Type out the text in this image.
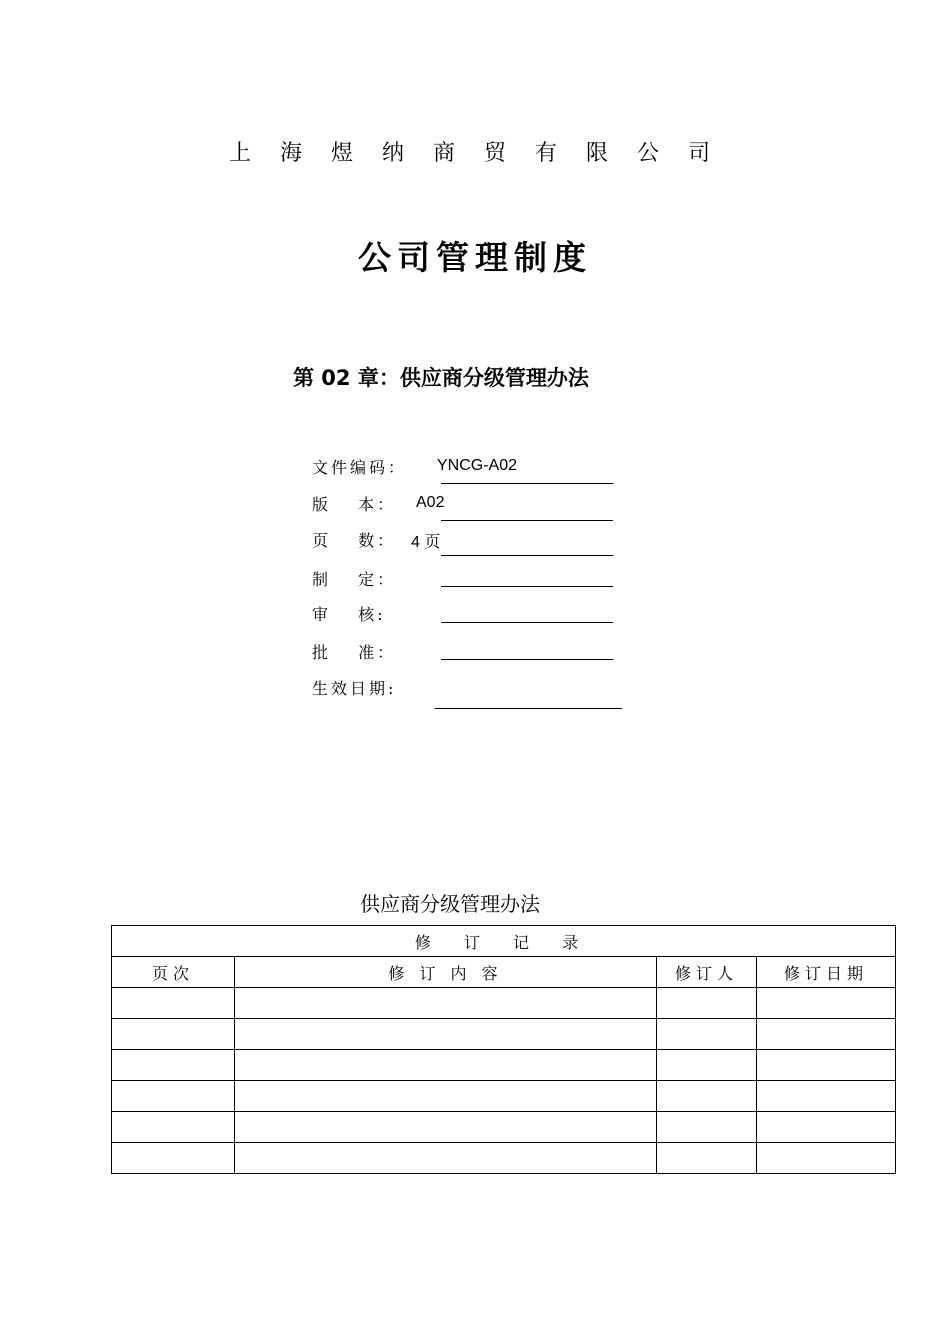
上 海 煜 纳 商 贸 有 限 公 司
公司管理制度
第 02 章：供应商分级管理办法
文件编码： YNCG-A02
版　 本： A02
页　 数： 4 页
制　 定：
审　 核:
批　 准：
生效日期:
供应商分级管理办法
修 订 记 录			
页次	修 订 内 容	修订人	修订日期
